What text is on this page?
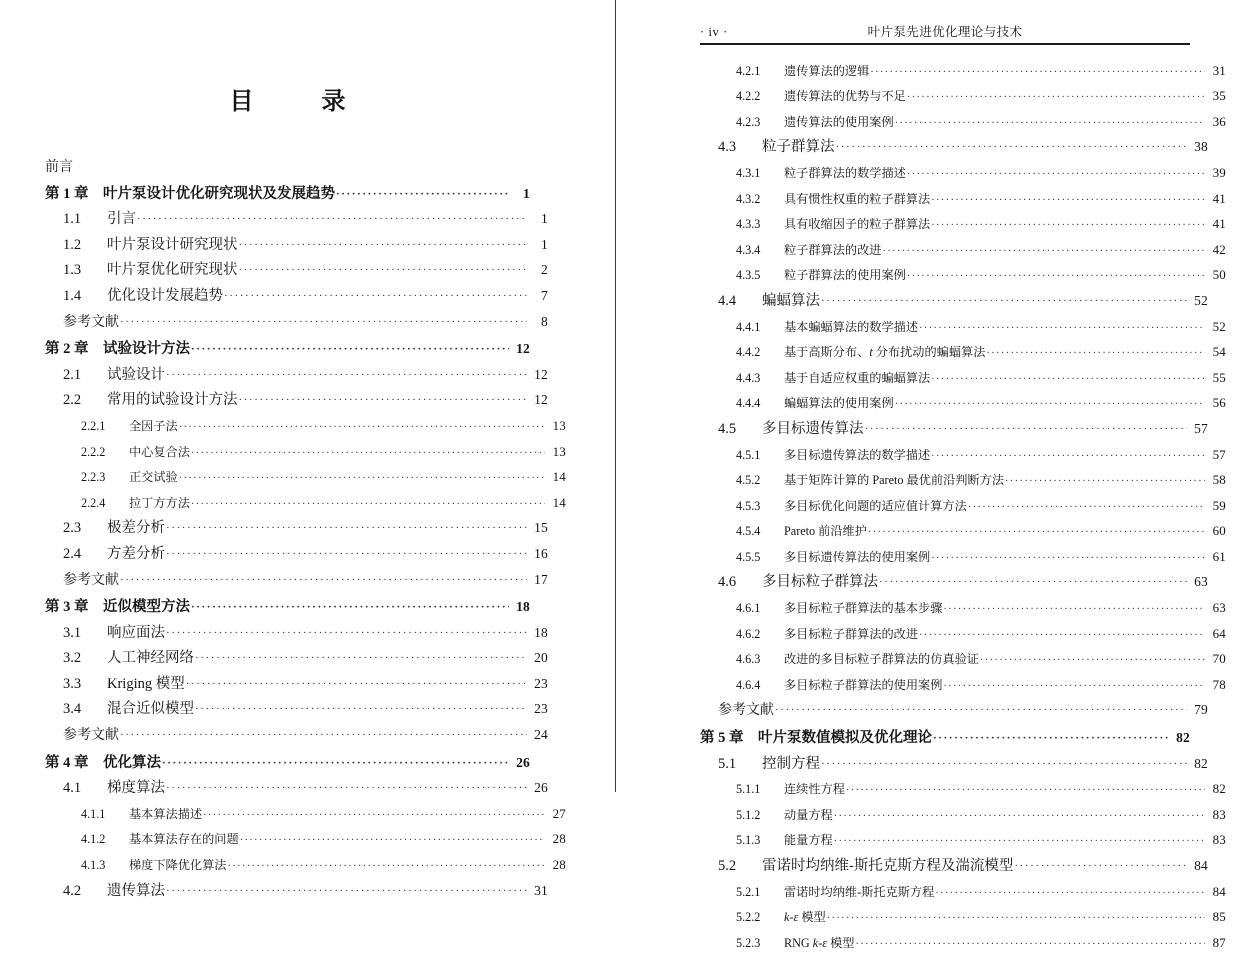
目　录
前言
第 1 章	叶片泵设计优化研究现状及发展趋势 ·····	1
1.1	引言 ·····	1
1.2	叶片泵设计研究现状 ·····	1
1.3	叶片泵优化研究现状 ·····	2
1.4	优化设计发展趋势 ·····	7
参考文献 ·····	8
第 2 章	试验设计方法 ·····	12
2.1	试验设计 ·····	12
2.2	常用的试验设计方法 ·····	12
2.2.1	全因子法 ·····	13
2.2.2	中心复合法 ·····	13
2.2.3	正交试验 ·····	14
2.2.4	拉丁方方法 ·····	14
2.3	极差分析 ·····	15
2.4	方差分析 ·····	16
参考文献 ·····	17
第 3 章	近似模型方法 ·····	18
3.1	响应面法 ·····	18
3.2	人工神经网络 ·····	20
3.3	Kriging 模型 ·····	23
3.4	混合近似模型 ·····	23
参考文献 ·····	24
第 4 章	优化算法 ·····	26
4.1	梯度算法 ·····	26
4.1.1	基本算法描述 ·····	27
4.1.2	基本算法存在的问题 ·····	28
4.1.3	梯度下降优化算法 ·····	28
4.2	遗传算法 ·····	31
· iv ·	叶片泵先进优化理论与技术
4.2.1	遗传算法的逻辑 ·····	31
4.2.2	遗传算法的优势与不足 ·····	35
4.2.3	遗传算法的使用案例 ·····	36
4.3	粒子群算法 ·····	38
4.3.1	粒子群算法的数学描述 ·····	39
4.3.2	具有惯性权重的粒子群算法 ·····	41
4.3.3	具有收缩因子的粒子群算法 ·····	41
4.3.4	粒子群算法的改进 ·····	42
4.3.5	粒子群算法的使用案例 ·····	50
4.4	蝙蝠算法 ·····	52
4.4.1	基本蝙蝠算法的数学描述 ·····	52
4.4.2	基于高斯分布、t 分布扰动的蝙蝠算法 ·····	54
4.4.3	基于自适应权重的蝙蝠算法 ·····	55
4.4.4	蝙蝠算法的使用案例 ·····	56
4.5	多目标遗传算法 ·····	57
4.5.1	多目标遗传算法的数学描述 ·····	57
4.5.2	基于矩阵计算的 Pareto 最优前沿判断方法 ·····	58
4.5.3	多目标优化问题的适应值计算方法 ·····	59
4.5.4	Pareto 前沿维护 ·····	60
4.5.5	多目标遗传算法的使用案例 ·····	61
4.6	多目标粒子群算法 ·····	63
4.6.1	多目标粒子群算法的基本步骤 ·····	63
4.6.2	多目标粒子群算法的改进 ·····	64
4.6.3	改进的多目标粒子群算法的仿真验证 ·····	70
4.6.4	多目标粒子群算法的使用案例 ·····	78
参考文献 ·····	79
第 5 章	叶片泵数值模拟及优化理论 ·····	82
5.1	控制方程 ·····	82
5.1.1	连续性方程 ·····	82
5.1.2	动量方程 ·····	83
5.1.3	能量方程 ·····	83
5.2	雷诺时均纳维-斯托克斯方程及湍流模型 ·····	84
5.2.1	雷诺时均纳维-斯托克斯方程 ·····	84
5.2.2	k-ε 模型 ·····	85
5.2.3	RNG k-ε 模型 ·····	87
